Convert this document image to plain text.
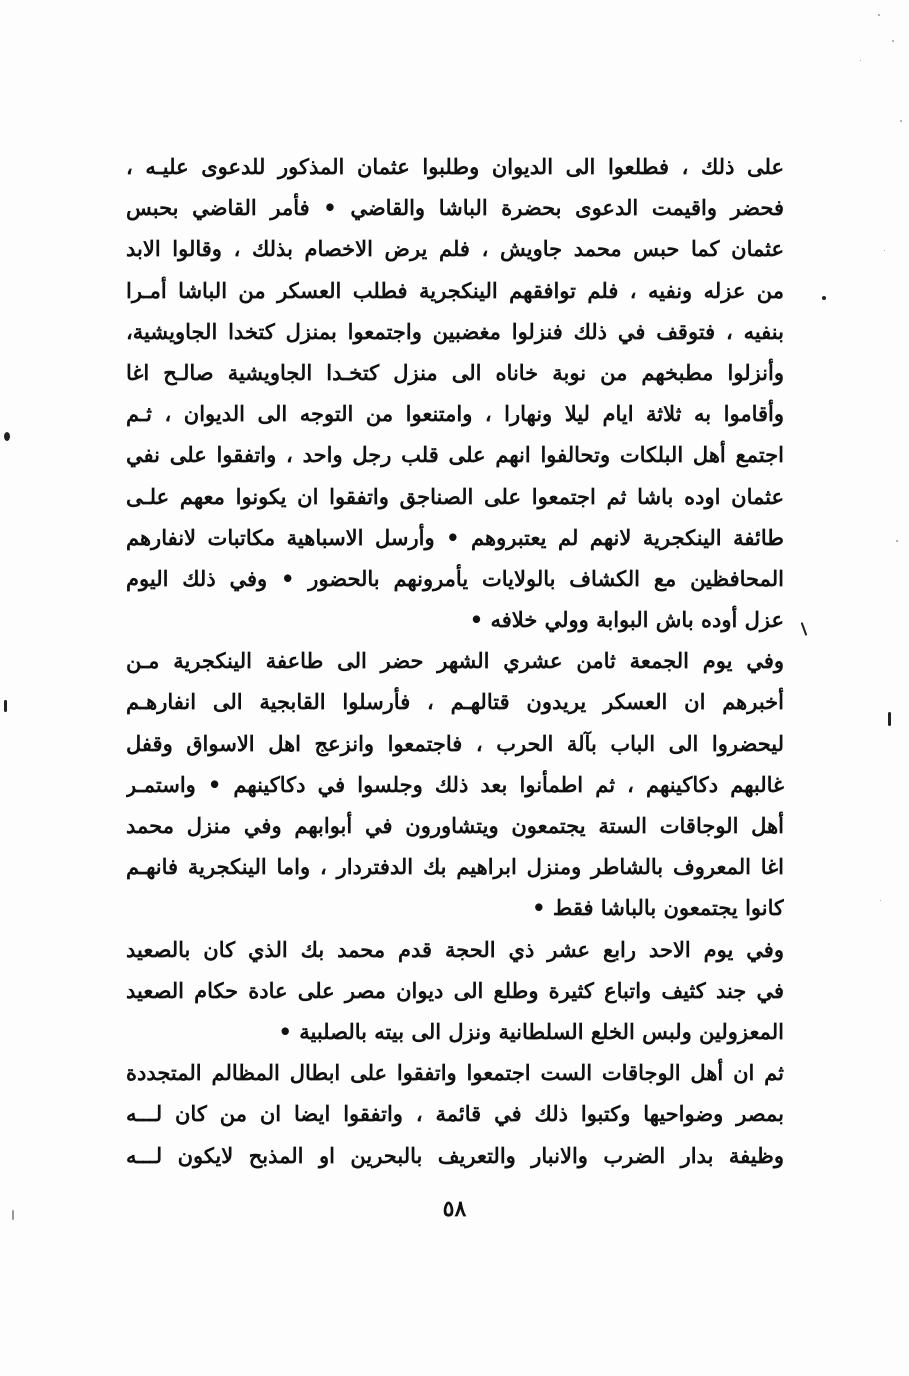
على ذلك ، فطلعوا الى الديوان وطلبوا عثمان المذكور للدعوى عليـه ،
فحضر واقيمت الدعوى بحضرة الباشا والقاضي • فأمر القاضي بحبس
عثمان كما حبس محمد جاويش ، فلم يرض الاخصام بذلك ، وقالوا الابد
من عزله ونفيه ، فلم توافقهم الينكجرية فطلب العسكر من الباشا أمـرا
بنفيه ، فتوقف في ذلك فنزلوا مغضبين واجتمعوا بمنزل كتخدا الجاويشية،
وأنزلوا مطبخهم من نوبة خاناه الى منزل كتخـدا الجاويشية صالـح اغا
وأقاموا به ثلاثة ايام ليلا ونهارا ، وامتنعوا من التوجه الى الديوان ، ثـم
اجتمع أهل البلكات وتحالفوا انهم على قلب رجل واحد ، واتفقوا على نفي
عثمان اوده باشا ثم اجتمعوا على الصناجق واتفقوا ان يكونوا معهم علـى
طائفة الينكجرية لانهم لم يعتبروهم • وأرسل الاسباهية مكاتبات لانفارهم
المحافظين مع الكشاف بالولايات يأمرونهم بالحضور • وفي ذلك اليوم
عزل أوده باش البوابة وولي خلافه •
وفي يوم الجمعة ثامن عشري الشهر حضر الى طاعفة الينكجرية مـن
أخبرهم ان العسكر يريدون قتالهـم ، فأرسلوا القابجية الى انفارهـم
ليحضروا الى الباب بآلة الحرب ، فاجتمعوا وانزعج اهل الاسواق وقفل
غالبهم دكاكينهم ، ثم اطمأنوا بعد ذلك وجلسوا في دكاكينهم • واستمـر
أهل الوجاقات الستة يجتمعون ويتشاورون في أبوابهم وفي منزل محمد
اغا المعروف بالشاطر ومنزل ابراهيم بك الدفتردار ، واما الينكجرية فانهـم
كانوا يجتمعون بالباشا فقط •
وفي يوم الاحد رابع عشر ذي الحجة قدم محمد بك الذي كان بالصعيد
في جند كثيف واتباع كثيرة وطلع الى ديوان مصر على عادة حكام الصعيد
المعزولين ولبس الخلع السلطانية ونزل الى بيته بالصلبية •
ثم ان أهل الوجاقات الست اجتمعوا واتفقوا على ابطال المظالم المتجددة
بمصر وضواحيها وكتبوا ذلك في قائمة ، واتفقوا ايضا ان من كان لـــه
وظيفة بدار الضرب والانبار والتعريف بالبحرين او المذبح لايكون لـــه
٥٨
